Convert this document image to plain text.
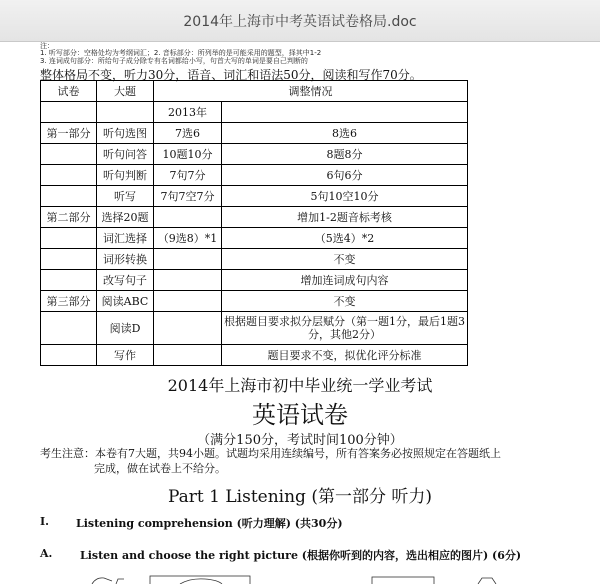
2014年上海市中考英语试卷格局.doc
注：
1. 听写部分：空格处均为考纲词汇；2. 音标部分：所列举的是可能采用的题型，择其中1-2
3. 连词成句部分：所给句子成分除专有名词都给小写，句首大写的单词是要自己判断的
整体格局不变，听力30分，语音、词汇和语法50分，阅读和写作70分。
试卷	大题	调整情况	
		2013年	
第一部分	听句选图	7选6	8选6
	听句问答	10题10分	8题8分
	听句判断	7句7分	6句6分
	听写	7句7空7分	5句10空10分
第二部分	选择20题		增加1-2题音标考核
	词汇选择	（9选8）*1	（5选4）*2
	词形转换		不变
	改写句子		增加连词成句内容
第三部分	阅读ABC		不变
	阅读D		根据题目要求拟分层赋分（第一题1分，最后1题3分，其他2分）
	写作		题目要求不变，拟优化评分标准
2014年上海市初中毕业统一学业考试
英语试卷
（满分150分，考试时间100分钟）
考生注意：本卷有7大题，共94小题。试题均采用连续编号，所有答案务必按照规定在答题纸上
完成，做在试卷上不给分。
Part 1 Listening (第一部分 听力)
I. Listening comprehension (听力理解) (共30分)
A.	Listen and choose the right picture (根据你听到的内容，选出相应的图片) (6分)
